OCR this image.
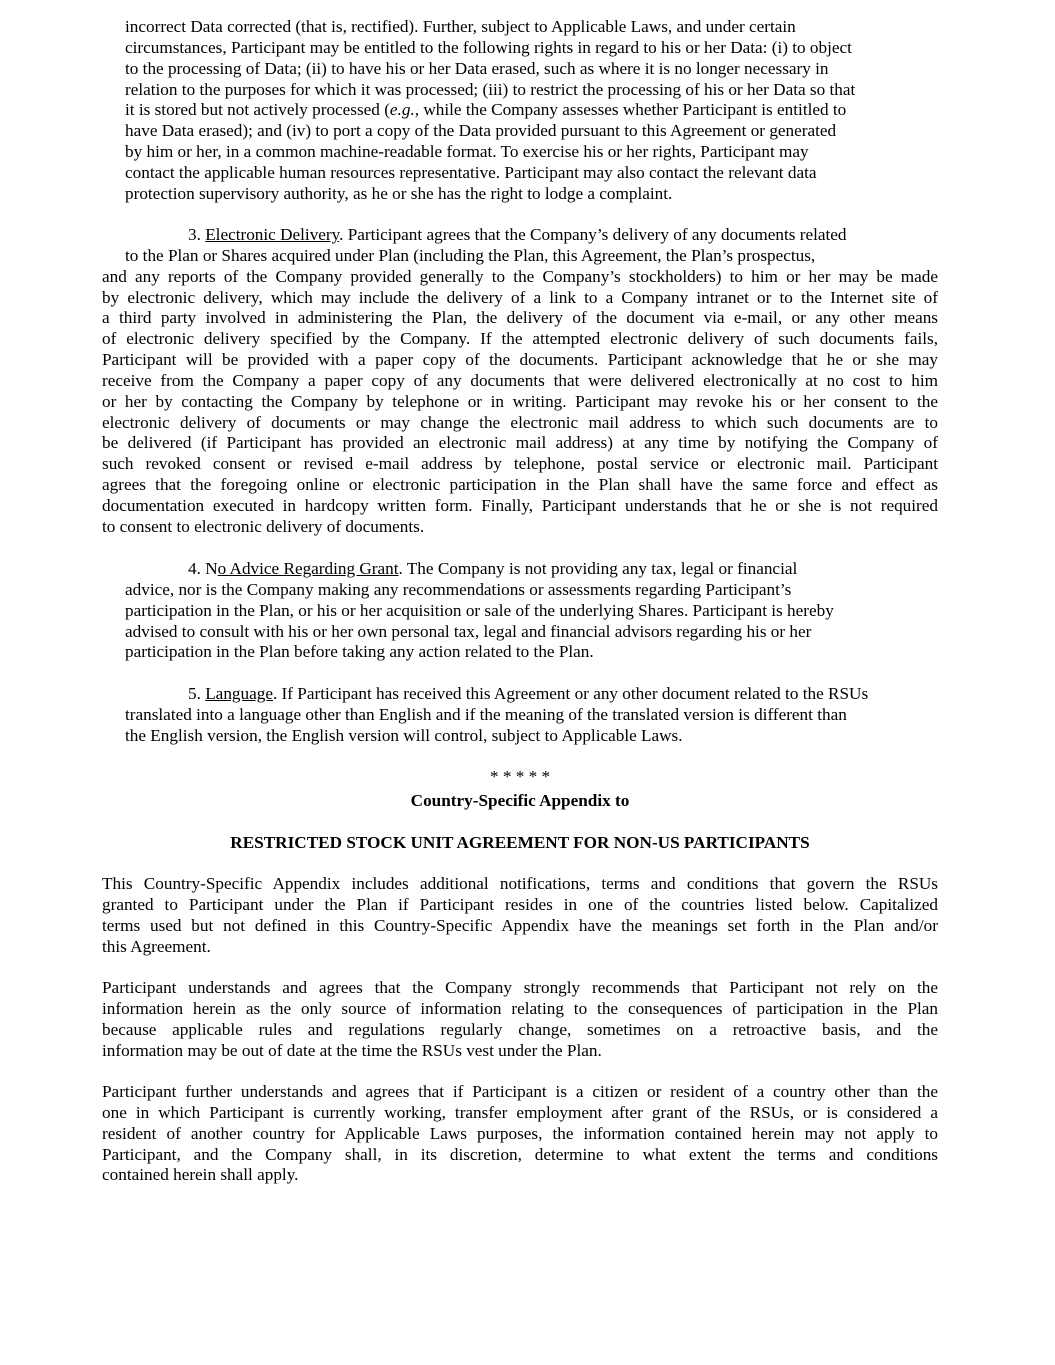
incorrect Data corrected (that is, rectified). Further, subject to Applicable Laws, and under certain
circumstances, Participant may be entitled to the following rights in regard to his or her Data: (i) to object
to the processing of Data; (ii) to have his or her Data erased, such as where it is no longer necessary in
relation to the purposes for which it was processed; (iii) to restrict the processing of his or her Data so that
it is stored but not actively processed (e.g., while the Company assesses whether Participant is entitled to
have Data erased); and (iv) to port a copy of the Data provided pursuant to this Agreement or generated
by him or her, in a common machine-readable format. To exercise his or her rights, Participant may
contact the applicable human resources representative. Participant may also contact the relevant data
protection supervisory authority, as he or she has the right to lodge a complaint.
3. Electronic Delivery. Participant agrees that the Company’s delivery of any documents related
to the Plan or Shares acquired under Plan (including the Plan, this Agreement, the Plan’s prospectus,
and any reports of the Company provided generally to the Company’s stockholders) to him or her may be made
by electronic delivery, which may include the delivery of a link to a Company intranet or to the Internet site of
a third party involved in administering the Plan, the delivery of the document via e-mail, or any other means
of electronic delivery specified by the Company. If the attempted electronic delivery of such documents fails,
Participant will be provided with a paper copy of the documents. Participant acknowledge that he or she may
receive from the Company a paper copy of any documents that were delivered electronically at no cost to him
or her by contacting the Company by telephone or in writing. Participant may revoke his or her consent to the
electronic delivery of documents or may change the electronic mail address to which such documents are to
be delivered (if Participant has provided an electronic mail address) at any time by notifying the Company of
such revoked consent or revised e-mail address by telephone, postal service or electronic mail. Participant
agrees that the foregoing online or electronic participation in the Plan shall have the same force and effect as
documentation executed in hardcopy written form. Finally, Participant understands that he or she is not required
to consent to electronic delivery of documents.
4. No Advice Regarding Grant. The Company is not providing any tax, legal or financial
advice, nor is the Company making any recommendations or assessments regarding Participant’s
participation in the Plan, or his or her acquisition or sale of the underlying Shares. Participant is hereby
advised to consult with his or her own personal tax, legal and financial advisors regarding his or her
participation in the Plan before taking any action related to the Plan.
5. Language. If Participant has received this Agreement or any other document related to the RSUs
translated into a language other than English and if the meaning of the translated version is different than
the English version, the English version will control, subject to Applicable Laws.
* * * * *
Country-Specific Appendix to
RESTRICTED STOCK UNIT AGREEMENT FOR NON-US PARTICIPANTS
This Country-Specific Appendix includes additional notifications, terms and conditions that govern the RSUs
granted to Participant under the Plan if Participant resides in one of the countries listed below. Capitalized
terms used but not defined in this Country-Specific Appendix have the meanings set forth in the Plan and/or
this Agreement.
Participant understands and agrees that the Company strongly recommends that Participant not rely on the
information herein as the only source of information relating to the consequences of participation in the Plan
because applicable rules and regulations regularly change, sometimes on a retroactive basis, and the
information may be out of date at the time the RSUs vest under the Plan.
Participant further understands and agrees that if Participant is a citizen or resident of a country other than the
one in which Participant is currently working, transfer employment after grant of the RSUs, or is considered a
resident of another country for Applicable Laws purposes, the information contained herein may not apply to
Participant, and the Company shall, in its discretion, determine to what extent the terms and conditions
contained herein shall apply.
